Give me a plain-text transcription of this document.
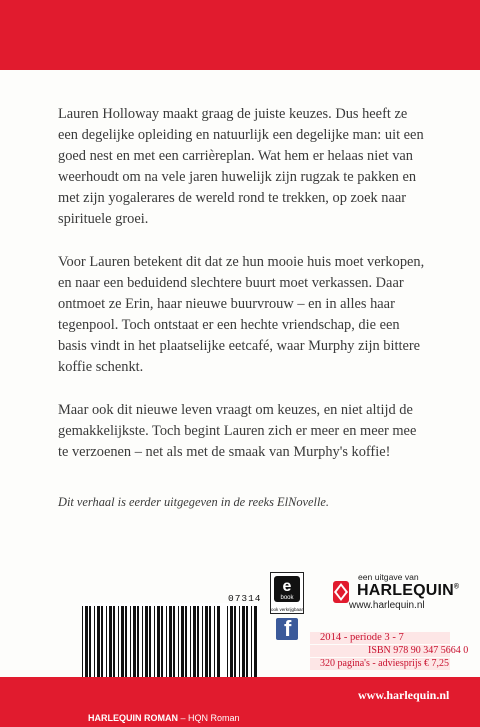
Lauren Holloway maakt graag de juiste keuzes. Dus heeft ze een degelijke opleiding en natuurlijk een degelijke man: uit een goed nest en met een carrièreplan. Wat hem er helaas niet van weerhoudt om na vele jaren huwelijk zijn rugzak te pakken en met zijn yogalerares de wereld rond te trekken, op zoek naar spirituele groei.

Voor Lauren betekent dit dat ze hun mooie huis moet verkopen, en naar een beduidend slechtere buurt moet verkassen. Daar ontmoet ze Erin, haar nieuwe buurvrouw – en in alles haar tegenpool. Toch ontstaat er een hechte vriendschap, die een basis vindt in het plaatselijke eetcafé, waar Murphy zijn bittere koffie schenkt.

Maar ook dit nieuwe leven vraagt om keuzes, en niet altijd de gemakkelijkste. Toch begint Lauren zich er meer en meer mee te verzoenen – net als met de smaak van Murphy's koffie!

Dit verhaal is eerder uitgegeven in de reeks ElNovelle.
07314
e
book
ook verkrijgbaar
f
een uitgave van
HARLEQUIN®
www.harlequin.nl
2014 - periode 3 - 7
ISBN 978 90 347 5664 0
320 pagina's - adviesprijs € 7,25
www.harlequin.nl
HARLEQUIN ROMAN – HQN Roman
